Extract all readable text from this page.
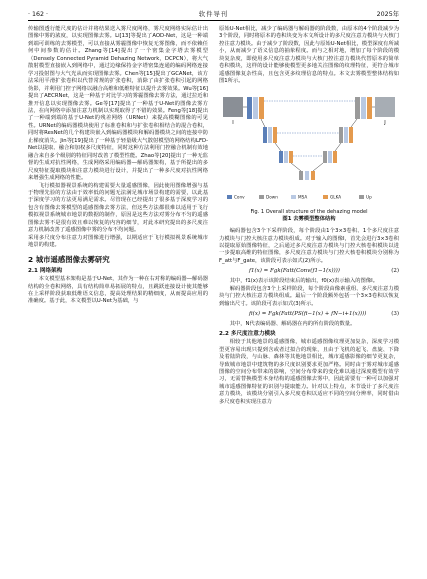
· 162 ·	软件导刊	2025年

传输图透行能尺度的估计并将结果送入雾尺度网络，雾尺度网络实际估计出图像中雾的浓度，以实现图像去雾。Li[13]等提出了AOD-Net，这是一种端到端可训练的去雾模型，可以直接从雾霾图像中恢复无雾图像，而不依赖任何中间参数的估计。Zhang等[14]提出了一个密集金字塔去雾模型（Densely Connected Pyramid Dehazing Network，DCPCN），将大气散射模型直接嵌入到网络中，通过边缘保持金字塔密集连通的编码网络连接学习投射图与大气光从而实现图像去雾。Chen等[15]提出了GCANet，该方法采用平滑扩张卷积以代替常规的扩张卷积，消除了由扩张卷积引起的网格伪影，并利用门控子网络以融合高维和低维特征以提升去雾效果。Wu等[16]提出了AECRNet，这是一种基于对比学习的雾霾图像去雾方法，通过拉近和推开信息以实现图像去雾。Ge等[17]提出了一种基于U-Net的图像去雾方法，在向网络中添加注意力机制以实现取得了不错的效果。Feng等[18]提出了一种端到端的基于U-Net的残差网络（URNet）来提高模糊图像的可见性。URNet的编码器模块使用了标准卷积和与扩张卷积相结合的混合卷积，同时将ResNet的几个构建块嵌入到编码器模块和解码器模块之间的连接中防止梯度消失。Jin等[19]提出了一种基于轻量级大气散射模型的网络结构LFD-Net以提取、融合和加权多尺度特征，同时这种方法利用门控融合机制有效地融合来自多个级别的特征同时改善了模型性能。Zhao等[20]提出了一种无监督的生成对抗性网络，生成网络采用编码器—解码器架构，基于所提出的多尺度特征提取模块和注意力模块进行设计，并提出了一种多尺度对抗性网络来增强生成网络的性能。

飞行模拟器视景系统的构建需要大量遥感图像，因此使用图像增强与基于物理先验的方法由于效率低的问题无法满足城市场景构建的需要，以此基于深度学习的方法更易满足需求。尽管现在已经提出了很多基于深度学习的包含有图像去雾模型的遥感图像去雾方法，但这些方法都很难以适用于飞行模拟视景系统城市地景的数据的制作，原因是这些方法对雾分布不匀的遥感图像去雾不是很有效且难以恢复的内容的细节，对此本研究提出的多尺度注意力机制改善了遥感图像中雾的分布不均问题。

采用多尺度分布注意力对图像进行增强，以期适应于飞行模拟视景系统城市地景的构建。

2 城市遥感图像去雾研究
2.1 网络架构

本文模型基本架构是基于U-Net，其作为一种在右对称的编码器—解码器结构的全卷积网络，具有结构简单易拓展的特点，且跳跃连接设计使其能够在上采样阶段获取低维语义信息，提高处理结果的精细度，从而提高应用的准确度。基于此，本文模型以U-Net为基础，与

原始U-Net相比，减少了编码器与解码器的阶段数，由原本的4个阶段减少为3个阶段，同时将原本的卷积块变为本文所设计的多尺度注意力模块与大核门控注意力模块。由于减少了阶段数，因此与原始U-Net相比，模型深度有所减小，从而减少了语义信息的抽象程度。而与之相对地，增加了每个阶段的模块复杂度，即使用多尺度注意力模块与大核门控注意力模块代替原本的简单卷积模块，这样的设计能够使模型更多地关注图像的纹理特征，更符合城市遥感图像复杂性高，且包含更多纹理信息的特点。本文去雾模型整体结构如图1所示。

I	J
Conv	Down	MSA	GLKA	Up
Fig. 1 Overall structure of the dehazing model
图1 去雾模型整体结构

编码器包含3个下采样阶段，每个阶段由1个3×3卷积、1个多尺度注意力模块与门控大核注意力模块组成。对于输入的图像I，首先会进行3×3卷积以提取原始图像特征，之后通过多尺度注意力模块与门控大核卷积模块以进一步提取高维的特征图像，多尺度注意力模块与门控大核卷积模块分别称为F_att与F_gate，该阶段可表示如式(2)所示。

f1(x) = Fgk(Fatt(Conv(f1−1(x))))	(2)

其中，f1(x)表示该阶段结束后的输出，f0(x)表示输入的图像I。

解码器阶段包含3个上采样阶段，每个阶段由像素重组、多尺度注意力模块与门控大核注意力模块组成。最后一个阶段额外包括一个3×3卷积以恢复到输出尺寸。该阶段可表示如式(3)所示。

fi(x) = Fgk(Fatt(PS(fi−1(x) + fN−i+1(x))))	(3)

其中，N代表编码器、解码器在内的所有阶段的数量。

2.2 多尺度注意力模块

相较于其他地景的遥感图像，城市遥感图像纹理更加复杂，深度学习模型更容易出现只提到含或者过拟合的现象，且由于飞机的起飞、盘旋、下降及着陆阶段，与山脉、森林等其他地景相比，城市遥感影像的细节更复杂，导致城市地景中建筑物的多尺度识别要求更加严格。同时由于雾对城市遥感图像的空间分布带来的影响，空间分布带来的变化难以通过深度模型有效学习，无需替换模型本身结构的遥感图像去雾中，因此需要有一种可以加强对城市遥感图像特征的识别与提取能力。针对以上特点，本节设计了多尺度注意力模块，该模块分别引入多尺度卷积以适应不同的空间分辨率，同时借由多尺度卷积实现注意力
